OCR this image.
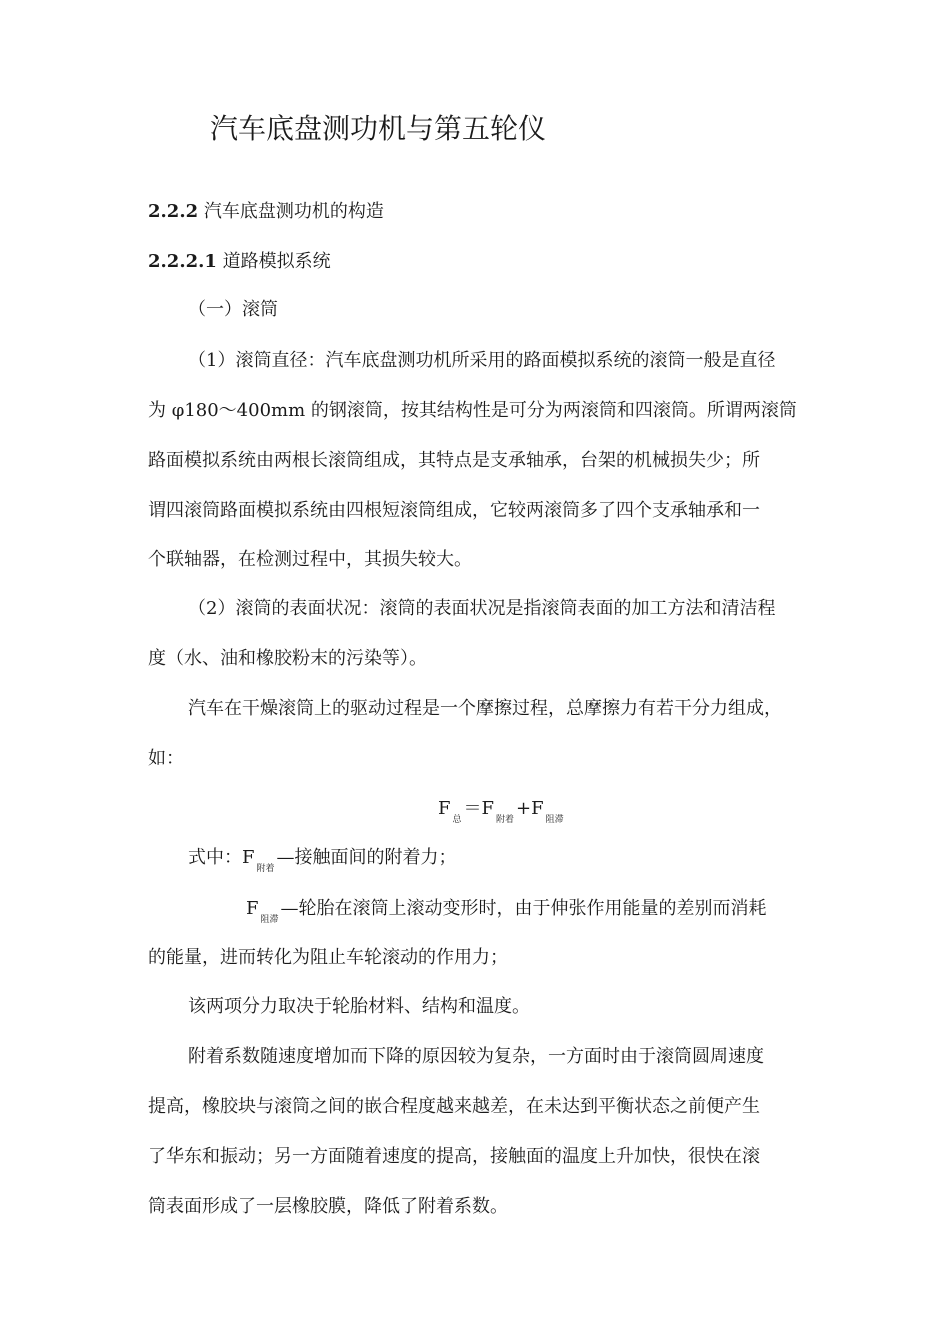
汽车底盘测功机与第五轮仪
2.2.2 汽车底盘测功机的构造
2.2.2.1 道路模拟系统
（一）滚筒
（1）滚筒直径：汽车底盘测功机所采用的路面模拟系统的滚筒一般是直径
为 φ180～400mm 的钢滚筒，按其结构性是可分为两滚筒和四滚筒。所谓两滚筒
路面模拟系统由两根长滚筒组成，其特点是支承轴承，台架的机械损失少；所
谓四滚筒路面模拟系统由四根短滚筒组成，它较两滚筒多了四个支承轴承和一
个联轴器，在检测过程中，其损失较大。
（2）滚筒的表面状况：滚筒的表面状况是指滚筒表面的加工方法和清洁程
度（水、油和橡胶粉末的污染等）。
汽车在干燥滚筒上的驱动过程是一个摩擦过程，总摩擦力有若干分力组成，
如：
$F_总=F_{附着}+F_{阻滞}$
式中：$F_{附着}—$接触面间的附着力；
$F_{阻滞}—$轮胎在滚筒上滚动变形时，由于伸张作用能量的差别而消耗
的能量，进而转化为阻止车轮滚动的作用力；
该两项分力取决于轮胎材料、结构和温度。
附着系数随速度增加而下降的原因较为复杂，一方面时由于滚筒圆周速度
提高，橡胶块与滚筒之间的嵌合程度越来越差，在未达到平衡状态之前便产生
了华东和振动；另一方面随着速度的提高，接触面的温度上升加快，很快在滚
筒表面形成了一层橡胶膜，降低了附着系数。
